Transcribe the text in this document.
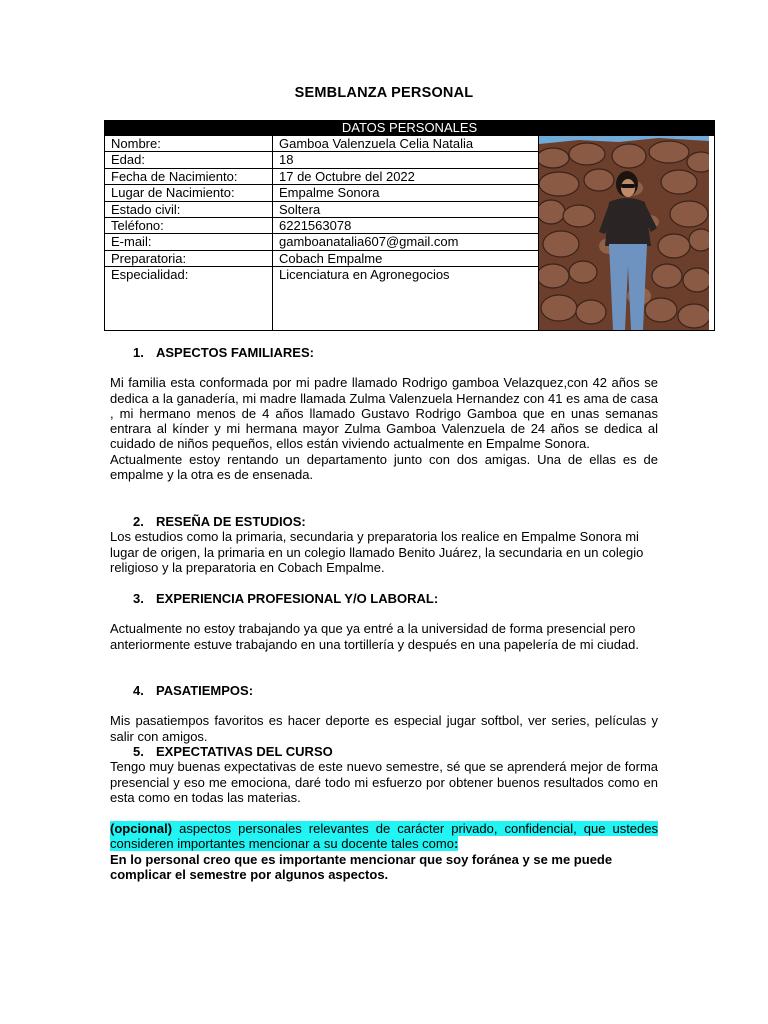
SEMBLANZA PERSONAL
DATOS PERSONALES		
Nombre:	Gamboa Valenzuela Celia Natalia	

Edad:	18	
Fecha de Nacimiento:	17 de Octubre del 2022	
Lugar de Nacimiento:	Empalme Sonora	
Estado civil:	Soltera	
Teléfono:	6221563078	
E-mail:	gamboanatalia607@gmail.com	
Preparatoria:	Cobach Empalme	
Especialidad:	Licenciatura en Agronegocios	
1. ASPECTOS FAMILIARES:
Mi familia esta conformada por mi padre llamado Rodrigo gamboa Velazquez,con 42 años se dedica a la ganadería, mi madre llamada Zulma Valenzuela Hernandez con 41 es ama de casa , mi hermano menos de 4 años llamado Gustavo Rodrigo Gamboa que en unas semanas entrara al kínder y mi hermana mayor Zulma Gamboa Valenzuela de 24 años se dedica al cuidado de niños pequeños, ellos están viviendo actualmente en Empalme Sonora.
Actualmente estoy rentando un departamento junto con dos amigas. Una de ellas es de empalme y la otra es de ensenada.
2. RESEÑA DE ESTUDIOS:
Los estudios como la primaria, secundaria y preparatoria los realice en Empalme Sonora mi lugar de origen, la primaria en un colegio llamado Benito Juárez, la secundaria en un colegio religioso y la preparatoria en Cobach Empalme.
3. EXPERIENCIA PROFESIONAL Y/O LABORAL:
Actualmente no estoy trabajando ya que ya entré a la universidad de forma presencial pero anteriormente estuve trabajando en una tortillería y después en una papelería de mi ciudad.
4. PASATIEMPOS:
Mis pasatiempos favoritos es hacer deporte es especial jugar softbol, ver series, películas y salir con amigos.
5. EXPECTATIVAS DEL CURSO
Tengo muy buenas expectativas de este nuevo semestre, sé que se aprenderá mejor de forma presencial y eso me emociona, daré todo mi esfuerzo por obtener buenos resultados como en esta como en todas las materias.
(opcional) aspectos personales relevantes de carácter privado, confidencial, que ustedes consideren importantes mencionar a su docente tales como:
En lo personal creo que es importante mencionar que soy foránea y se me puede complicar el semestre por algunos aspectos.
